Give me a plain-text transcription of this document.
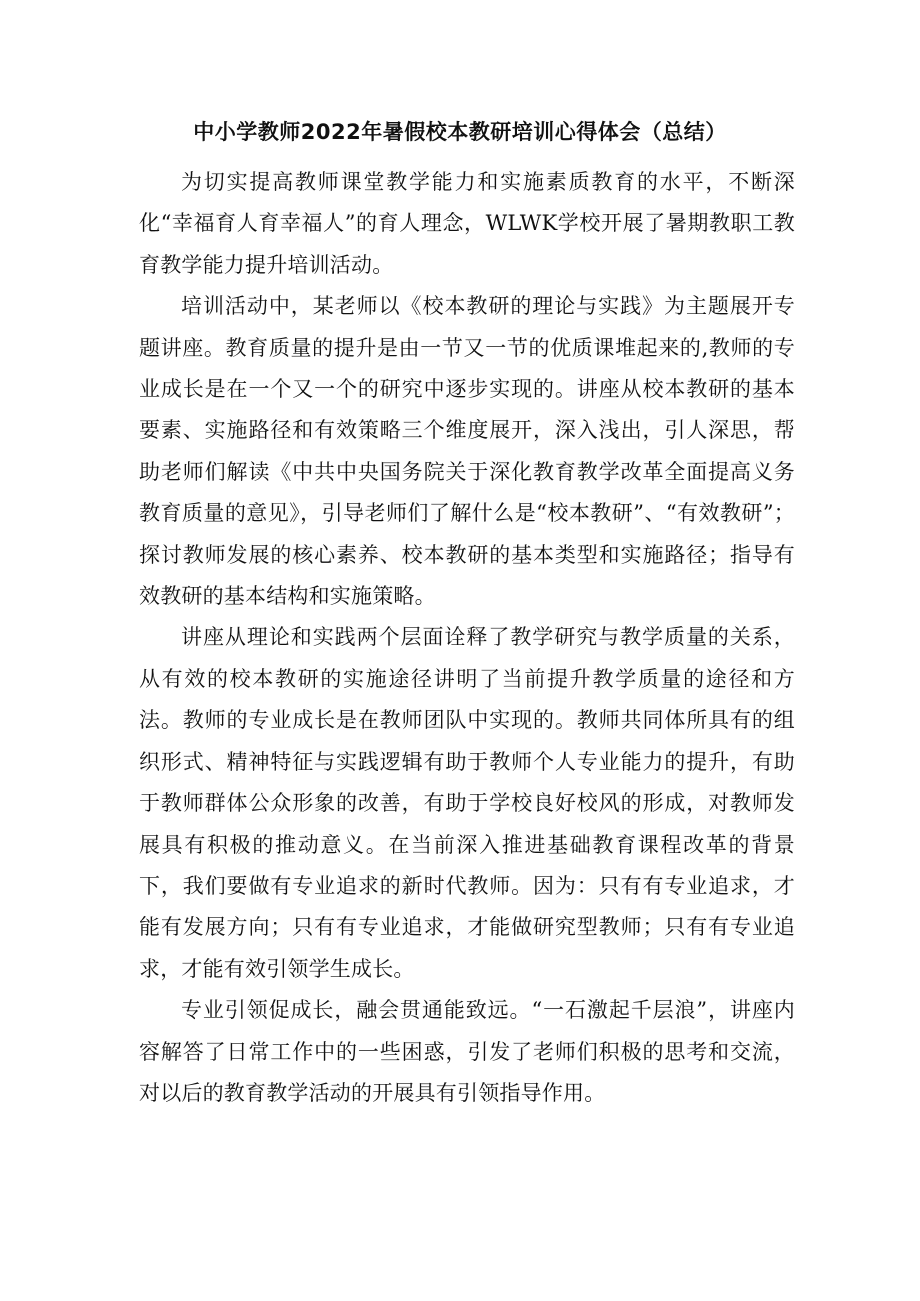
中小学教师2022年暑假校本教研培训心得体会（总结）

为切实提高教师课堂教学能力和实施素质教育的水平，不断深化“幸福育人育幸福人”的育人理念，WLWK学校开展了暑期教职工教育教学能力提升培训活动。

培训活动中，某老师以《校本教研的理论与实践》为主题展开专题讲座。教育质量的提升是由一节又一节的优质课堆起来的,教师的专业成长是在一个又一个的研究中逐步实现的。讲座从校本教研的基本要素、实施路径和有效策略三个维度展开，深入浅出，引人深思，帮助老师们解读《中共中央国务院关于深化教育教学改革全面提高义务教育质量的意见》，引导老师们了解什么是“校本教研”、“有效教研”；探讨教师发展的核心素养、校本教研的基本类型和实施路径；指导有效教研的基本结构和实施策略。

讲座从理论和实践两个层面诠释了教学研究与教学质量的关系，从有效的校本教研的实施途径讲明了当前提升教学质量的途径和方法。教师的专业成长是在教师团队中实现的。教师共同体所具有的组织形式、精神特征与实践逻辑有助于教师个人专业能力的提升，有助于教师群体公众形象的改善，有助于学校良好校风的形成，对教师发展具有积极的推动意义。在当前深入推进基础教育课程改革的背景下，我们要做有专业追求的新时代教师。因为：只有有专业追求，才能有发展方向；只有有专业追求，才能做研究型教师；只有有专业追求，才能有效引领学生成长。

专业引领促成长，融会贯通能致远。“一石激起千层浪”，讲座内容解答了日常工作中的一些困惑，引发了老师们积极的思考和交流，对以后的教育教学活动的开展具有引领指导作用。
